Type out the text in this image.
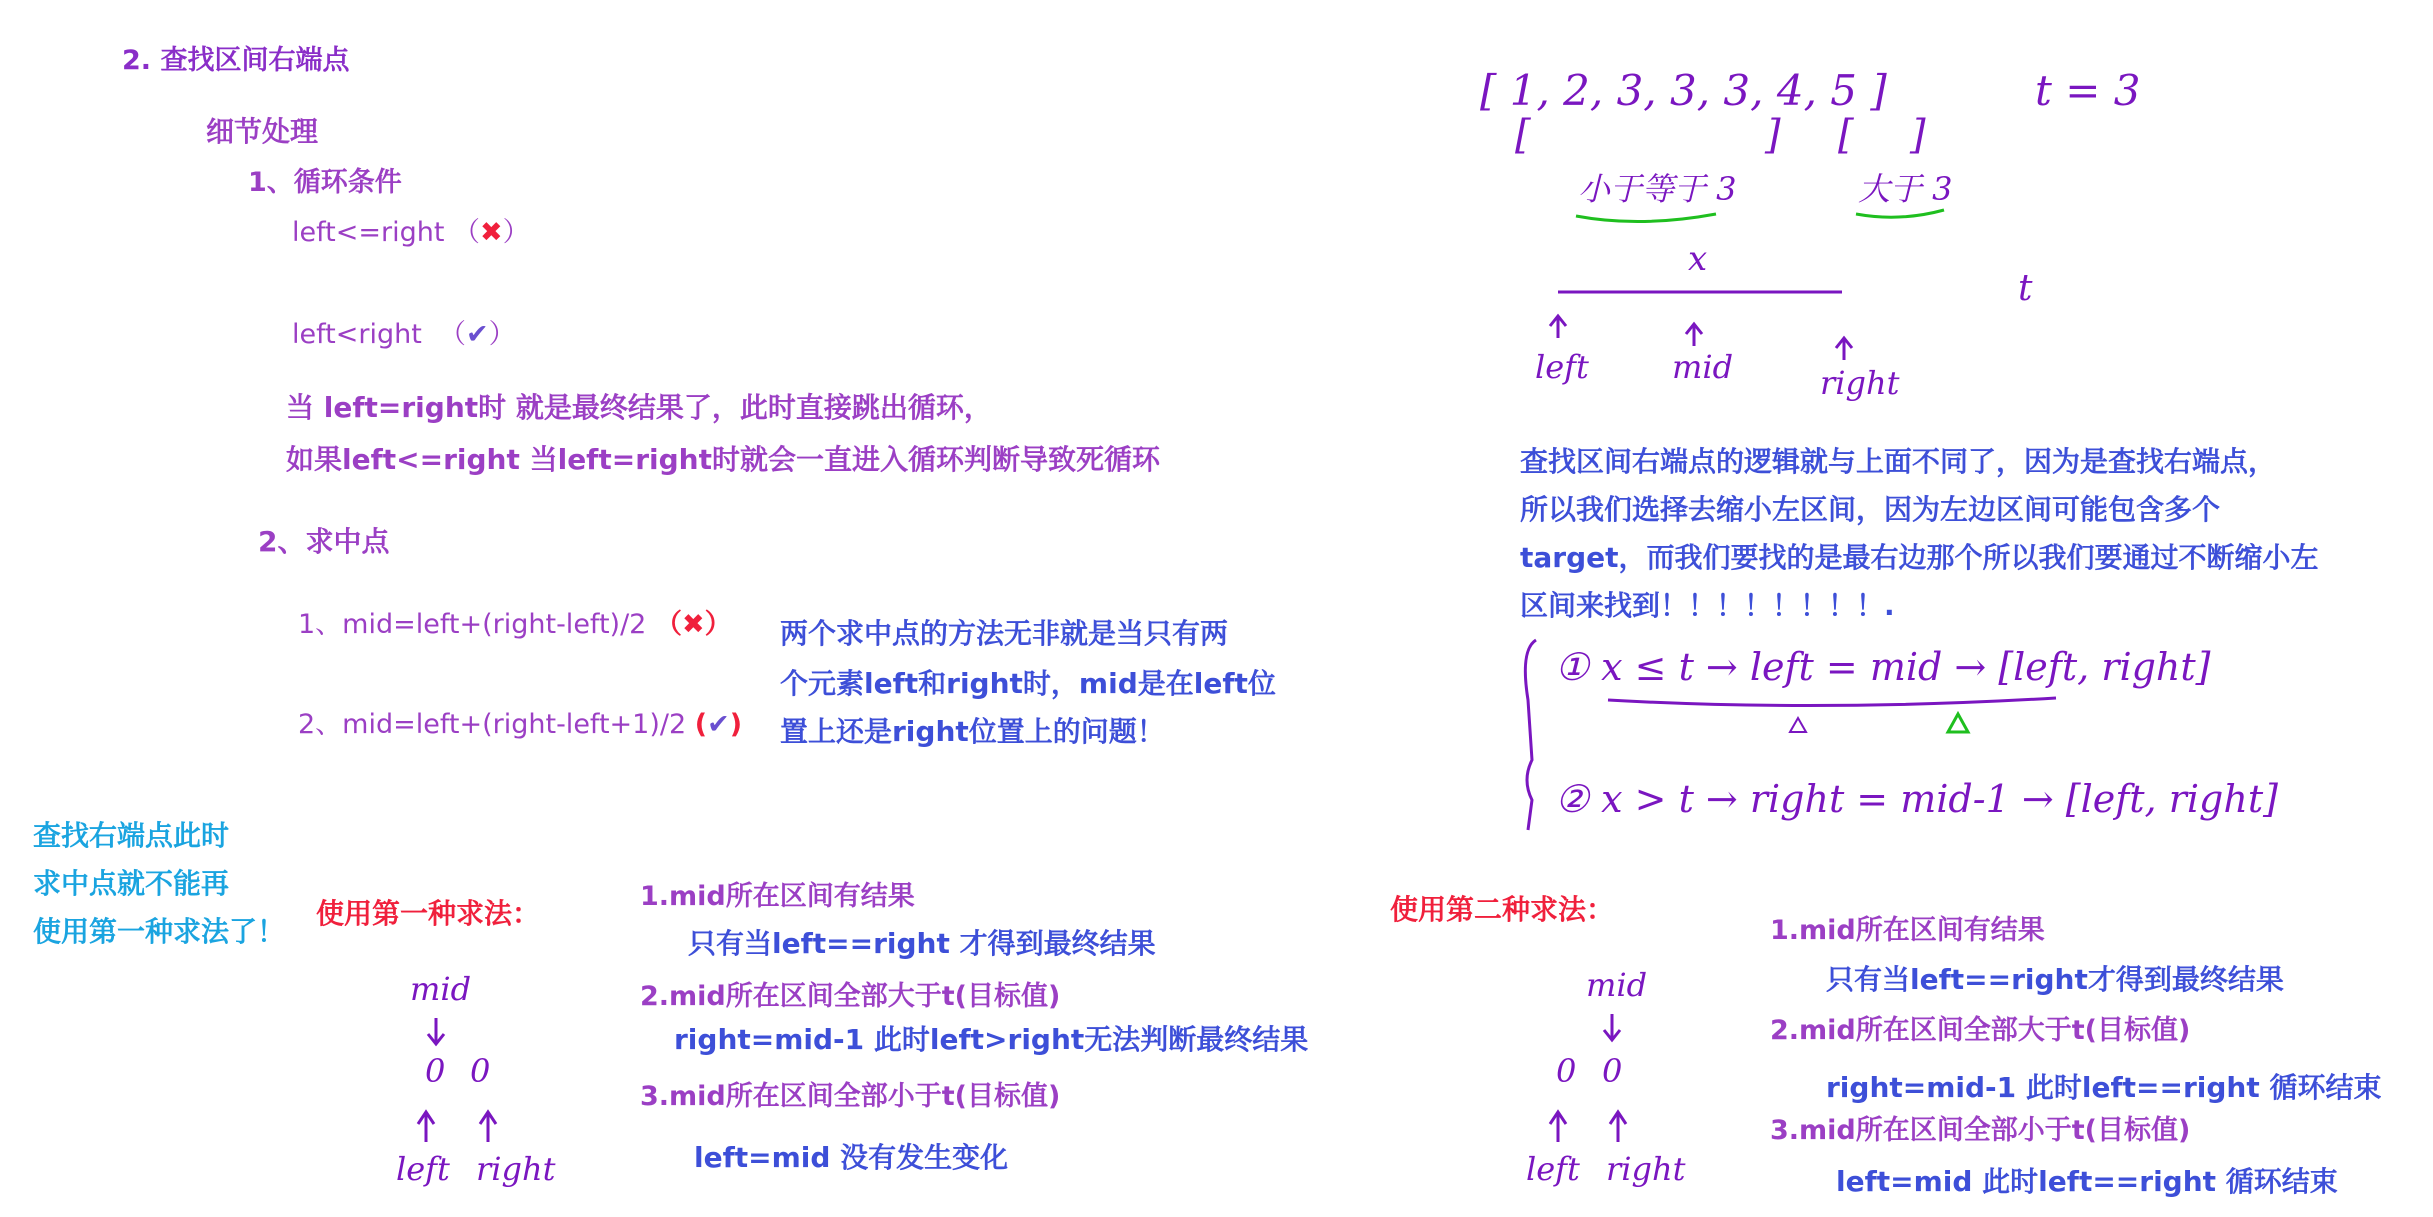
2. 查找区间右端点
细节处理
1、循环条件
left<=right （✖）
left<right  （✔）
当 left=right时 就是最终结果了，此时直接跳出循环，
如果left<=right 当left=right时就会一直进入循环判断导致死循环
2、求中点
1、mid=left+(right-left)/2 （✖）
2、mid=left+(right-left+1)/2 (✔)
两个求中点的方法无非就是当只有两
个元素left和right时，mid是在left位
置上还是right位置上的问题！
查找右端点此时
求中点就不能再
使用第一种求法了！
使用第一种求法：
1.mid所在区间有结果
只有当left==right 才得到最终结果
2.mid所在区间全部大于t(目标值)
right=mid-1 此时left>right无法判断最终结果
3.mid所在区间全部小于t(目标值)
left=mid 没有发生变化
查找区间右端点的逻辑就与上面不同了，因为是查找右端点，
所以我们选择去缩小左区间，因为左边区间可能包含多个
target，而我们要找的是最右边那个所以我们要通过不断缩小左
区间来找到！！！！！！！！.
使用第二种求法：
1.mid所在区间有结果
只有当left==right才得到最终结果
2.mid所在区间全部大于t(目标值)
right=mid-1 此时left==right 循环结束
3.mid所在区间全部小于t(目标值)
left=mid 此时left==right 循环结束
[ 1, 2, 3, 3, 3, 4, 5 ]	t = 3
[	] [ ]
小于等于 3	大于 3
x
t
left	mid	right
① x ≤ t → left = mid → [left, right]
② x > t → right = mid-1 → [left, right]
mid
0 0
left right
mid
0 0
left right
